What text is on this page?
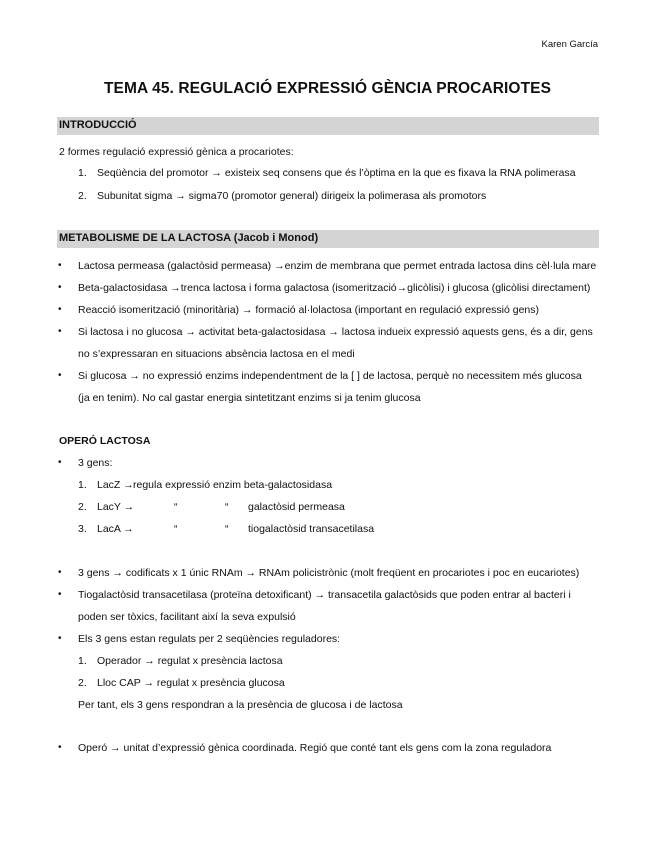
Karen García
TEMA 45. REGULACIÓ EXPRESSIÓ GÈNCIA PROCARIOTES
INTRODUCCIÓ
2 formes regulació expressió gènica a procariotes:
1. Seqüència del promotor → existeix seq consens que és l’òptima en la que es fixava la RNA polimerasa
2. Subunitat sigma → sigma70 (promotor general) dirigeix la polimerasa als promotors
METABOLISME DE LA LACTOSA (Jacob i Monod)
• Lactosa permeasa (galactòsid permeasa) →enzim de membrana que permet entrada lactosa dins cèl·lula mare
• Beta-galactosidasa →trenca lactosa i forma galactosa (isomerització→glicòlisi) i glucosa (glicòlisi directament)
• Reacció isomerització (minoritària) → formació al·lolactosa (important en regulació expressió gens)
• Si lactosa i no glucosa → activitat beta-galactosidasa → lactosa indueix expressió aquests gens, és a dir, gens
no s’expressaran en situacions absència lactosa en el medi
• Si glucosa → no expressió enzims independentment de la [ ] de lactosa, perquè no necessitem més glucosa
(ja en tenim). No cal gastar energia sintetitzant enzims si ja tenim glucosa
OPERÓ LACTOSA
• 3 gens:
1. LacZ → regula expressió enzim beta-galactosidasa
2. LacY →	“	“ galactòsid permeasa
3. LacA →	“	“ tiogalactòsid transacetilasa
• 3 gens → codificats x 1 únic RNAm → RNAm policistrònic (molt freqüent en procariotes i poc en eucariotes)
• Tiogalactòsid transacetilasa (proteïna detoxificant) → transacetila galactòsids que poden entrar al bacteri i
poden ser tòxics, facilitant així la seva expulsió
• Els 3 gens estan regulats per 2 seqüències reguladores:
1. Operador → regulat x presència lactosa
2. Lloc CAP → regulat x presència glucosa
Per tant, els 3 gens respondran a la presència de glucosa i de lactosa
• Operó → unitat d’expressió gènica coordinada. Regió que conté tant els gens com la zona reguladora
